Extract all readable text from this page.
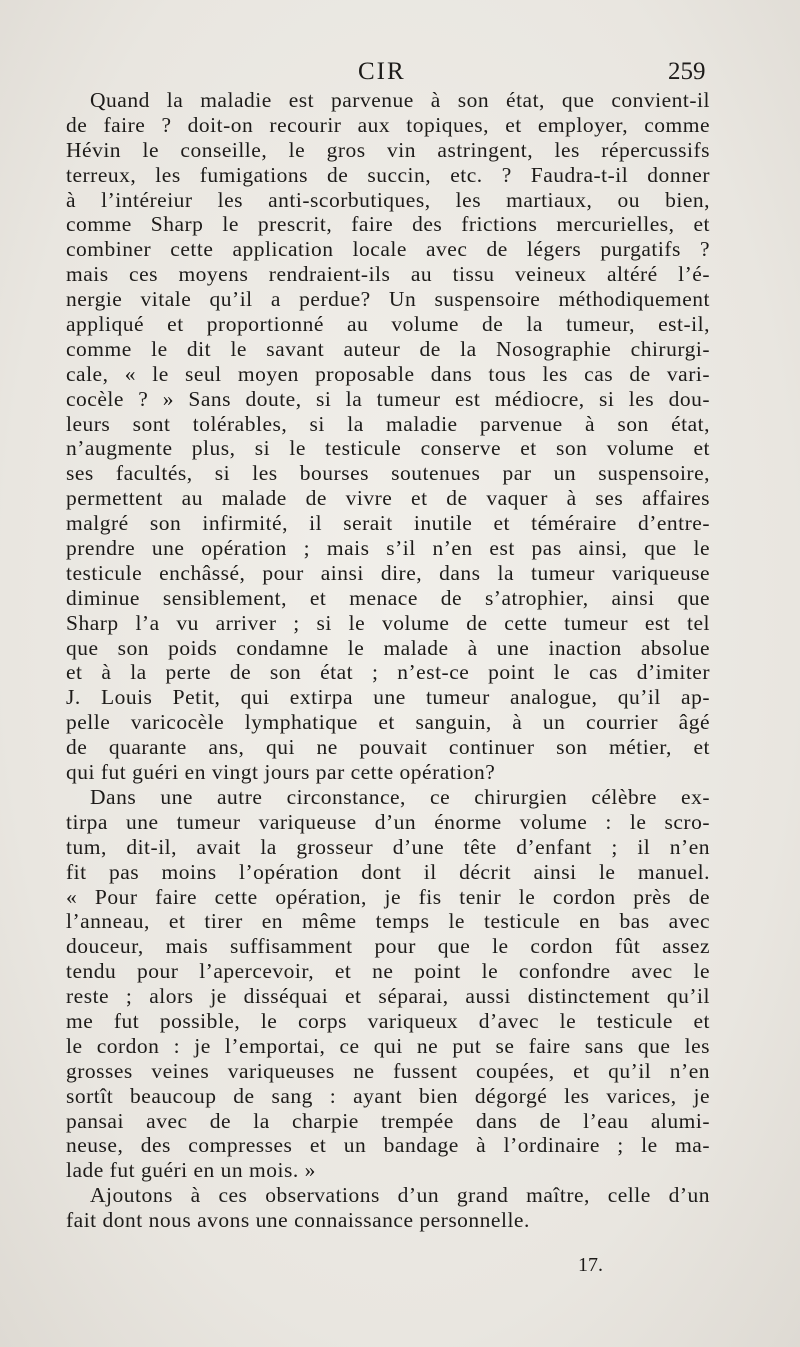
CIR	259
Quand la maladie est parvenue à son état, que convient-il
de faire ? doit-on recourir aux topiques, et employer, comme
Hévin le conseille, le gros vin astringent, les répercussifs
terreux, les fumigations de succin, etc. ? Faudra-t-il donner
à l’intéreiur les anti-scorbutiques, les martiaux, ou bien,
comme Sharp le prescrit, faire des frictions mercurielles, et
combiner cette application locale avec de légers purgatifs ?
mais ces moyens rendraient-ils au tissu veineux altéré l’é-
nergie vitale qu’il a perdue? Un suspensoire méthodiquement
appliqué et proportionné au volume de la tumeur, est-il,
comme le dit le savant auteur de la Nosographie chirurgi-
cale, « le seul moyen proposable dans tous les cas de vari-
cocèle ? » Sans doute, si la tumeur est médiocre, si les dou-
leurs sont tolérables, si la maladie parvenue à son état,
n’augmente plus, si le testicule conserve et son volume et
ses facultés, si les bourses soutenues par un suspensoire,
permettent au malade de vivre et de vaquer à ses affaires
malgré son infirmité, il serait inutile et téméraire d’entre-
prendre une opération ; mais s’il n’en est pas ainsi, que le
testicule enchâssé, pour ainsi dire, dans la tumeur variqueuse
diminue sensiblement, et menace de s’atrophier, ainsi que
Sharp l’a vu arriver ; si le volume de cette tumeur est tel
que son poids condamne le malade à une inaction absolue
et à la perte de son état ; n’est-ce point le cas d’imiter
J. Louis Petit, qui extirpa une tumeur analogue, qu’il ap-
pelle varicocèle lymphatique et sanguin, à un courrier âgé
de quarante ans, qui ne pouvait continuer son métier, et
qui fut guéri en vingt jours par cette opération?
Dans une autre circonstance, ce chirurgien célèbre ex-
tirpa une tumeur variqueuse d’un énorme volume : le scro-
tum, dit-il, avait la grosseur d’une tête d’enfant ; il n’en
fit pas moins l’opération dont il décrit ainsi le manuel.
« Pour faire cette opération, je fis tenir le cordon près de
l’anneau, et tirer en même temps le testicule en bas avec
douceur, mais suffisamment pour que le cordon fût assez
tendu pour l’apercevoir, et ne point le confondre avec le
reste ; alors je disséquai et séparai, aussi distinctement qu’il
me fut possible, le corps variqueux d’avec le testicule et
le cordon : je l’emportai, ce qui ne put se faire sans que les
grosses veines variqueuses ne fussent coupées, et qu’il n’en
sortît beaucoup de sang : ayant bien dégorgé les varices, je
pansai avec de la charpie trempée dans de l’eau alumi-
neuse, des compresses et un bandage à l’ordinaire ; le ma-
lade fut guéri en un mois. »
Ajoutons à ces observations d’un grand maître, celle d’un
fait dont nous avons une connaissance personnelle.
17.
